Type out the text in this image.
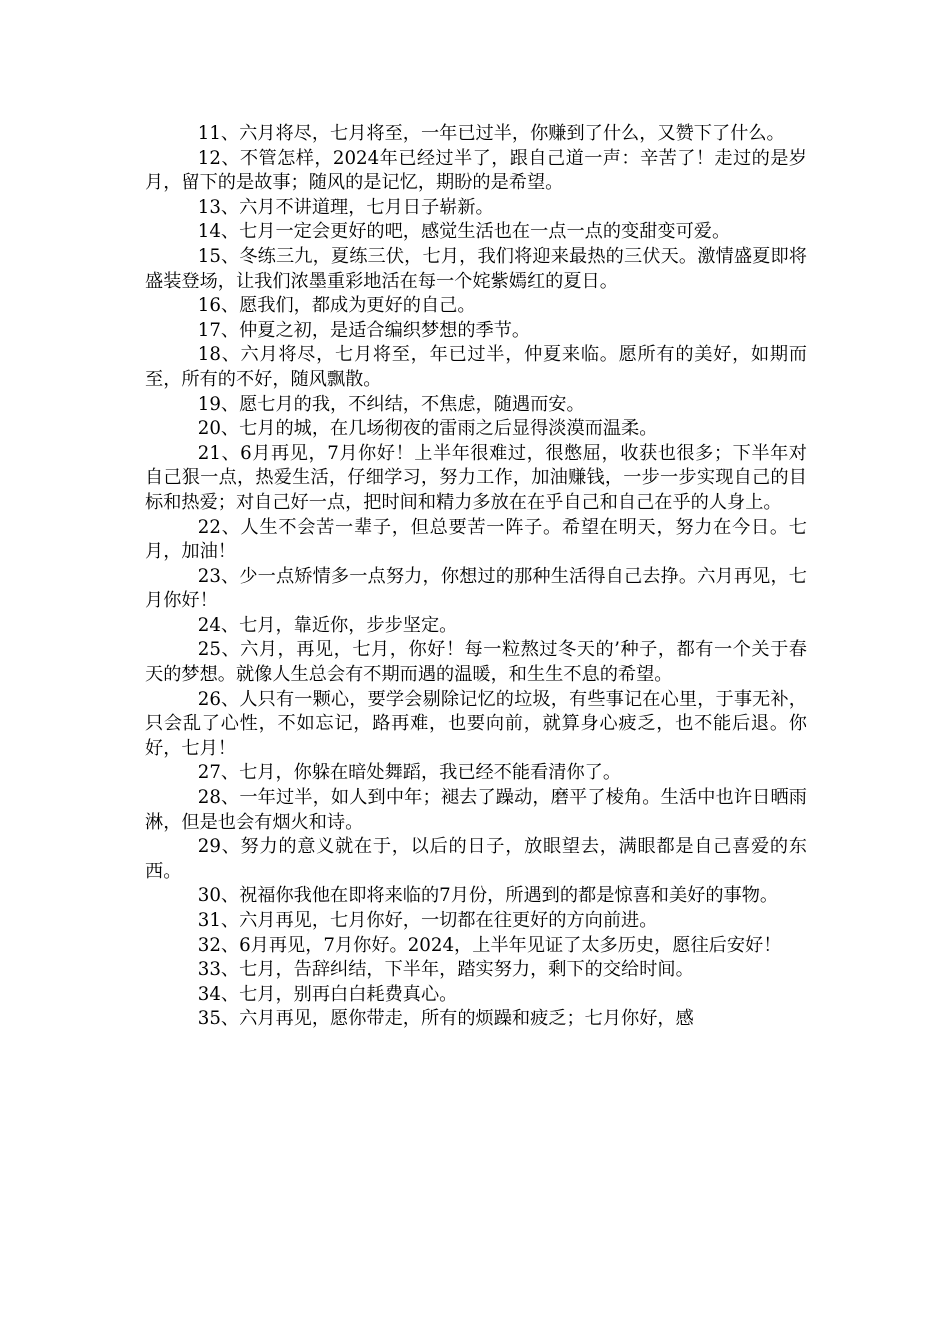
11、六月将尽，七月将至，一年已过半，你赚到了什么，又赞下了什么。

12、不管怎样，2024年已经过半了，跟自己道一声：辛苦了！走过的是岁月，留下的是故事；随风的是记忆，期盼的是希望。

13、六月不讲道理，七月日子崭新。

14、七月一定会更好的吧，感觉生活也在一点一点的变甜变可爱。

15、冬练三九，夏练三伏，七月，我们将迎来最热的三伏天。激情盛夏即将盛装登场，让我们浓墨重彩地活在每一个姹紫嫣红的夏日。

16、愿我们，都成为更好的自己。

17、仲夏之初，是适合编织梦想的季节。

18、六月将尽，七月将至，年已过半，仲夏来临。愿所有的美好，如期而至，所有的不好，随风飘散。

19、愿七月的我，不纠结，不焦虑，随遇而安。

20、七月的城，在几场彻夜的雷雨之后显得淡漠而温柔。

21、6月再见，7月你好！上半年很难过，很憋屈，收获也很多；下半年对自己狠一点，热爱生活，仔细学习，努力工作，加油赚钱，一步一步实现自己的目标和热爱；对自己好一点，把时间和精力多放在在乎自己和自己在乎的人身上。

22、人生不会苦一辈子，但总要苦一阵子。希望在明天，努力在今日。七月，加油！

23、少一点矫情多一点努力，你想过的那种生活得自己去挣。六月再见，七月你好！

24、七月，靠近你，步步坚定。

25、六月，再见，七月，你好！每一粒熬过冬天的’种子，都有一个关于春天的梦想。就像人生总会有不期而遇的温暖，和生生不息的希望。

26、人只有一颗心，要学会剔除记忆的垃圾，有些事记在心里，于事无补，只会乱了心性，不如忘记，路再难，也要向前，就算身心疲乏，也不能后退。你好，七月！

27、七月，你躲在暗处舞蹈，我已经不能看清你了。

28、一年过半，如人到中年；褪去了躁动，磨平了棱角。生活中也许日晒雨淋，但是也会有烟火和诗。

29、努力的意义就在于，以后的日子，放眼望去，满眼都是自己喜爱的东西。

30、祝福你我他在即将来临的7月份，所遇到的都是惊喜和美好的事物。

31、六月再见，七月你好，一切都在往更好的方向前进。

32、6月再见，7月你好。2024，上半年见证了太多历史，愿往后安好！

33、七月，告辞纠结，下半年，踏实努力，剩下的交给时间。

34、七月，别再白白耗费真心。

35、六月再见，愿你带走，所有的烦躁和疲乏；七月你好，感
